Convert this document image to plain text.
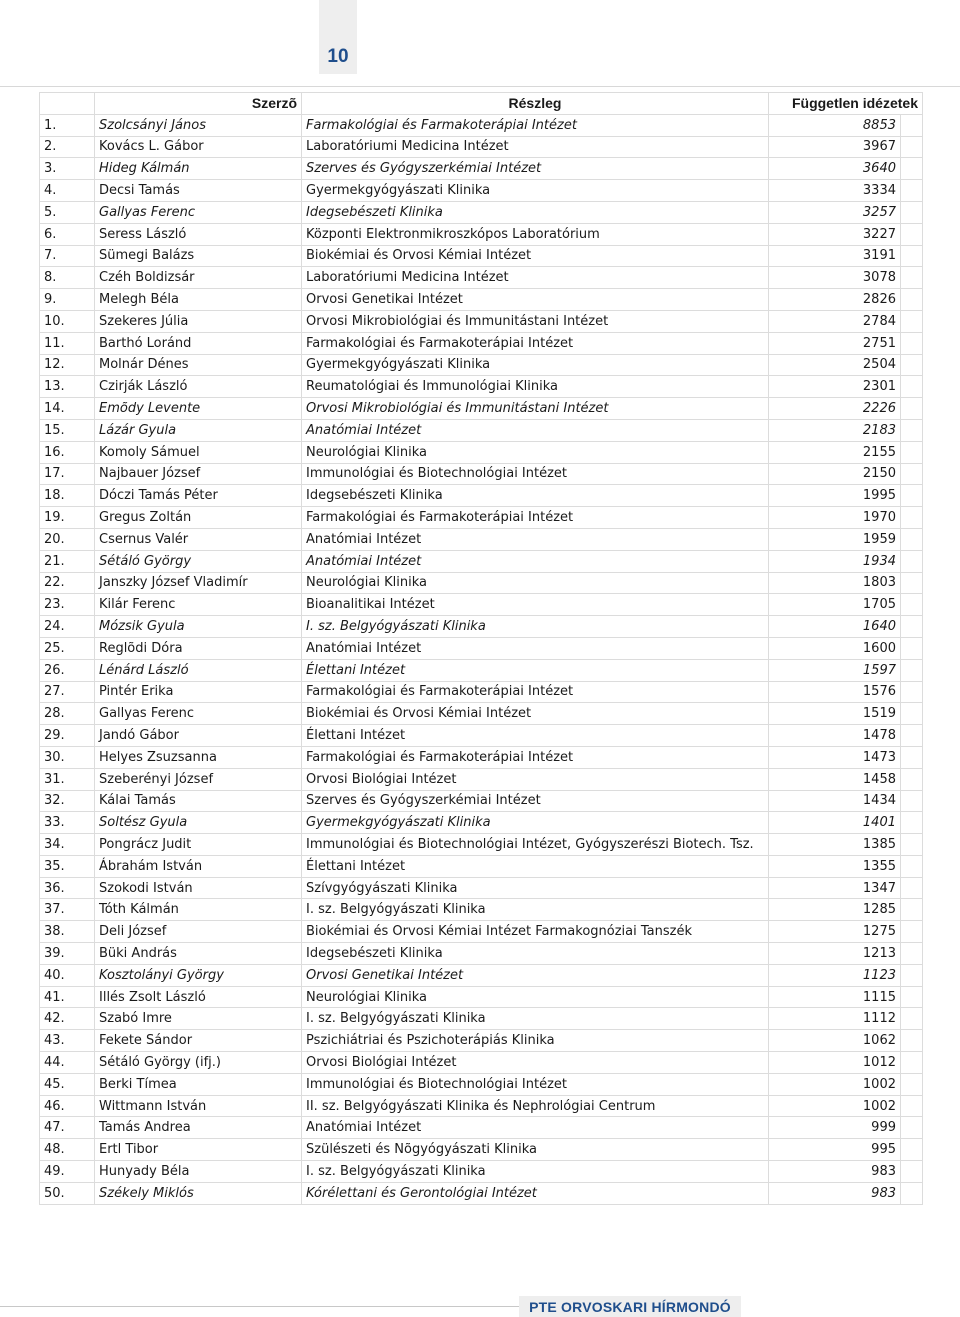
10
	Szerzõ	Részleg	Független idézetek	
1.	Szolcsányi János	Farmakológiai és Farmakoterápiai Intézet	8853	
2.	Kovács L. Gábor	Laboratóriumi Medicina Intézet	3967	
3.	Hideg Kálmán	Szerves és Gyógyszerkémiai Intézet	3640	
4.	Decsi Tamás	Gyermekgyógyászati Klinika	3334	
5.	Gallyas Ferenc	Idegsebészeti Klinika	3257	
6.	Seress László	Központi Elektronmikroszkópos Laboratórium	3227	
7.	Sümegi Balázs	Biokémiai és Orvosi Kémiai Intézet	3191	
8.	Czéh Boldizsár	Laboratóriumi Medicina Intézet	3078	
9.	Melegh Béla	Orvosi Genetikai Intézet	2826	
10.	Szekeres Júlia	Orvosi Mikrobiológiai és Immunitástani Intézet	2784	
11.	Barthó Loránd	Farmakológiai és Farmakoterápiai Intézet	2751	
12.	Molnár Dénes	Gyermekgyógyászati Klinika	2504	
13.	Czirják László	Reumatológiai és Immunológiai Klinika	2301	
14.	Emõdy Levente	Orvosi Mikrobiológiai és Immunitástani Intézet	2226	
15.	Lázár Gyula	Anatómiai Intézet	2183	
16.	Komoly Sámuel	Neurológiai Klinika	2155	
17.	Najbauer József	Immunológiai és Biotechnológiai Intézet	2150	
18.	Dóczi Tamás Péter	Idegsebészeti Klinika	1995	
19.	Gregus Zoltán	Farmakológiai és Farmakoterápiai Intézet	1970	
20.	Csernus Valér	Anatómiai Intézet	1959	
21.	Sétáló György	Anatómiai Intézet	1934	
22.	Janszky József Vladimír	Neurológiai Klinika	1803	
23.	Kilár Ferenc	Bioanalitikai Intézet	1705	
24.	Mózsik Gyula	I. sz. Belgyógyászati Klinika	1640	
25.	Reglõdi Dóra	Anatómiai Intézet	1600	
26.	Lénárd László	Élettani Intézet	1597	
27.	Pintér Erika	Farmakológiai és Farmakoterápiai Intézet	1576	
28.	Gallyas Ferenc	Biokémiai és Orvosi Kémiai Intézet	1519	
29.	Jandó Gábor	Élettani Intézet	1478	
30.	Helyes Zsuzsanna	Farmakológiai és Farmakoterápiai Intézet	1473	
31.	Szeberényi József	Orvosi Biológiai Intézet	1458	
32.	Kálai Tamás	Szerves és Gyógyszerkémiai Intézet	1434	
33.	Soltész Gyula	Gyermekgyógyászati Klinika	1401	
34.	Pongrácz Judit	Immunológiai és Biotechnológiai Intézet, Gyógyszerészi Biotech. Tsz.	1385	
35.	Ábrahám István	Élettani Intézet	1355	
36.	Szokodi István	Szívgyógyászati Klinika	1347	
37.	Tóth Kálmán	I. sz. Belgyógyászati Klinika	1285	
38.	Deli József	Biokémiai és Orvosi Kémiai Intézet Farmakognóziai Tanszék	1275	
39.	Büki András	Idegsebészeti Klinika	1213	
40.	Kosztolányi György	Orvosi Genetikai Intézet	1123	
41.	Illés Zsolt László	Neurológiai Klinika	1115	
42.	Szabó Imre	I. sz. Belgyógyászati Klinika	1112	
43.	Fekete Sándor	Pszichiátriai és Pszichoterápiás Klinika	1062	
44.	Sétáló György (ifj.)	Orvosi Biológiai Intézet	1012	
45.	Berki Tímea	Immunológiai és Biotechnológiai Intézet	1002	
46.	Wittmann István	II. sz. Belgyógyászati Klinika és Nephrológiai Centrum	1002	
47.	Tamás Andrea	Anatómiai Intézet	999	
48.	Ertl Tibor	Szülészeti és Nõgyógyászati Klinika	995	
49.	Hunyady Béla	I. sz. Belgyógyászati Klinika	983	
50.	Székely Miklós	Kórélettani és Gerontológiai Intézet	983	
PTE ORVOSKARI HÍRMONDÓ
